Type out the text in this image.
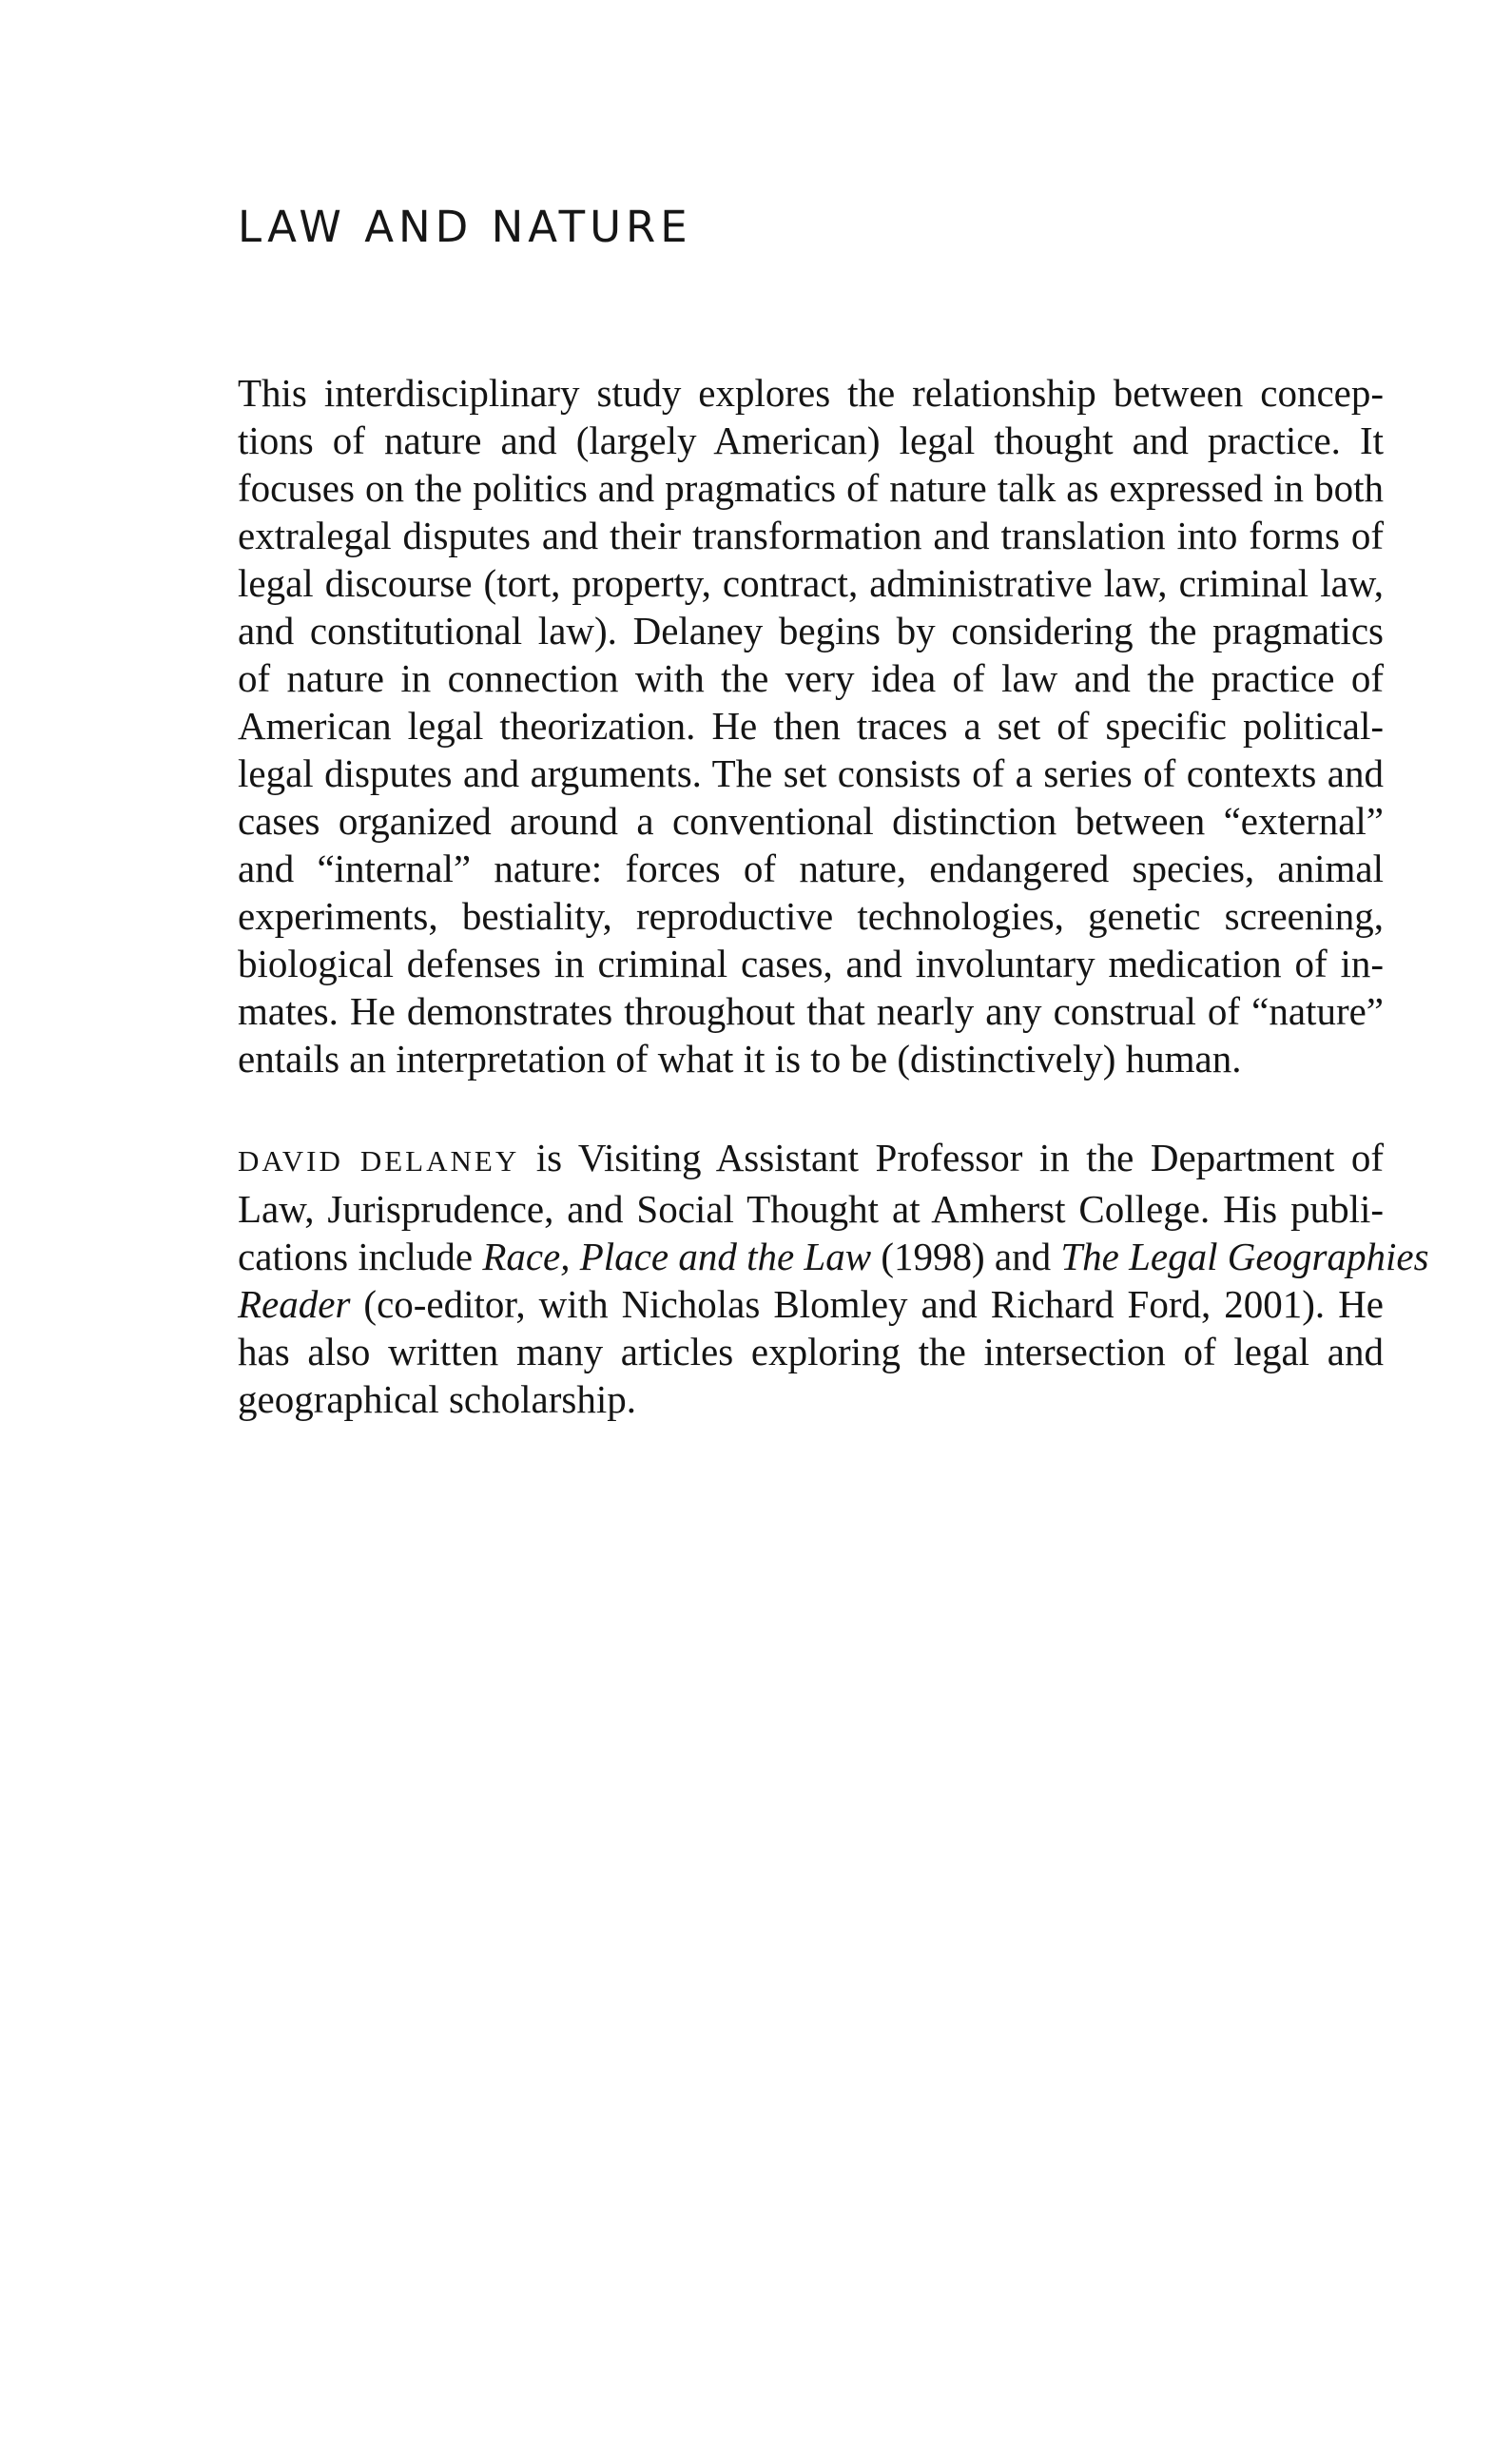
LAW AND NATURE
This interdisciplinary study explores the relationship between concep-
tions of nature and (largely American) legal thought and practice. It
focuses on the politics and pragmatics of nature talk as expressed in both
extralegal disputes and their transformation and translation into forms of
legal discourse (tort, property, contract, administrative law, criminal law,
and constitutional law). Delaney begins by considering the pragmatics
of nature in connection with the very idea of law and the practice of
American legal theorization. He then traces a set of specific political-
legal disputes and arguments. The set consists of a series of contexts and
cases organized around a conventional distinction between “external”
and “internal” nature: forces of nature, endangered species, animal
experiments, bestiality, reproductive technologies, genetic screening,
biological defenses in criminal cases, and involuntary medication of in-
mates. He demonstrates throughout that nearly any construal of “nature”
entails an interpretation of what it is to be (distinctively) human.
DAVID DELANEY is Visiting Assistant Professor in the Department of
Law, Jurisprudence, and Social Thought at Amherst College. His publi-
cations include Race, Place and the Law (1998) and The Legal Geographies
Reader (co-editor, with Nicholas Blomley and Richard Ford, 2001). He
has also written many articles exploring the intersection of legal and
geographical scholarship.
